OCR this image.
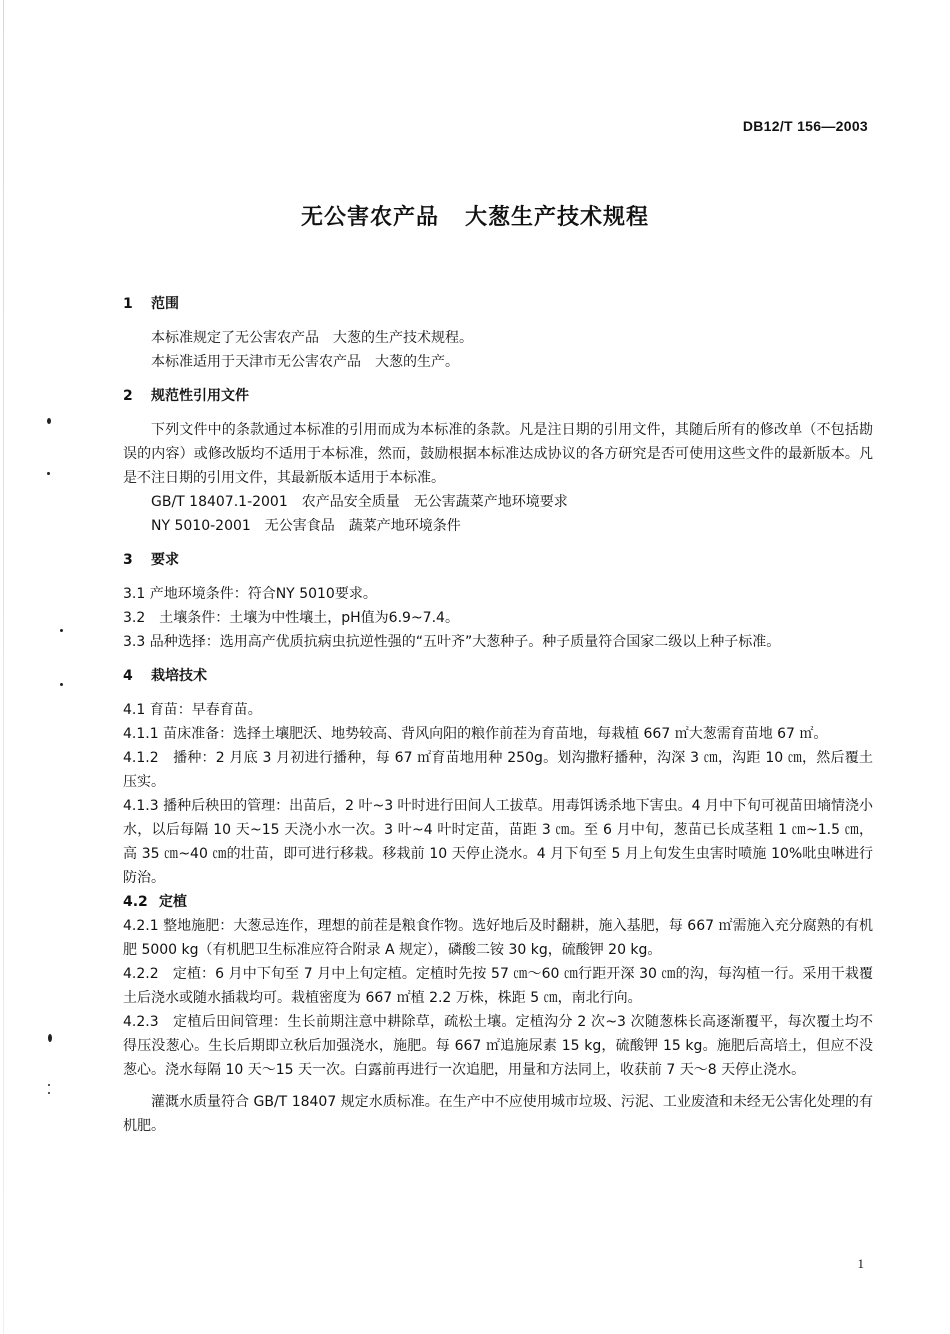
DB12/T 156—2003
无公害农产品 大葱生产技术规程
1 范围

本标准规定了无公害农产品　大葱的生产技术规程。

本标准适用于天津市无公害农产品　大葱的生产。

2 规范性引用文件

下列文件中的条款通过本标准的引用而成为本标准的条款。凡是注日期的引用文件，其随后所有的修改单（不包括勘误的内容）或修改版均不适用于本标准，然而，鼓励根据本标准达成协议的各方研究是否可使用这些文件的最新版本。凡是不注日期的引用文件，其最新版本适用于本标准。

GB/T 18407.1-2001　农产品安全质量　无公害蔬菜产地环境要求

NY 5010-2001　无公害食品　蔬菜产地环境条件

3 要求

3.1 产地环境条件：符合NY 5010要求。

3.2　土壤条件：土壤为中性壤土，pH值为6.9~7.4。

3.3 品种选择：选用高产优质抗病虫抗逆性强的“五叶齐”大葱种子。种子质量符合国家二级以上种子标准。

4 栽培技术

4.1 育苗：早春育苗。

4.1.1 苗床准备：选择土壤肥沃、地势较高、背风向阳的粮作前茬为育苗地，每栽植 667 ㎡大葱需育苗地 67 ㎡。

4.1.2　播种：2 月底 3 月初进行播种，每 67 ㎡育苗地用种 250g。划沟撒籽播种，沟深 3 ㎝，沟距 10 ㎝，然后覆土压实。

4.1.3 播种后秧田的管理：出苗后，2 叶~3 叶时进行田间人工拔草。用毒饵诱杀地下害虫。4 月中下旬可视苗田墒情浇小水，以后每隔 10 天~15 天浇小水一次。3 叶~4 叶时定苗，苗距 3 ㎝。至 6 月中旬，葱苗已长成茎粗 1 ㎝~1.5 ㎝，高 35 ㎝~40 ㎝的壮苗，即可进行移栽。移栽前 10 天停止浇水。4 月下旬至 5 月上旬发生虫害时喷施 10%吡虫啉进行防治。

4.2 定植

4.2.1 整地施肥：大葱忌连作，理想的前茬是粮食作物。选好地后及时翻耕，施入基肥，每 667 ㎡需施入充分腐熟的有机肥 5000 kg（有机肥卫生标准应符合附录 A 规定），磷酸二铵 30 kg，硫酸钾 20 kg。

4.2.2　定植：6 月中下旬至 7 月中上旬定植。定植时先按 57 ㎝～60 ㎝行距开深 30 ㎝的沟，每沟植一行。采用干栽覆土后浇水或随水插栽均可。栽植密度为 667 ㎡植 2.2 万株，株距 5 ㎝，南北行向。

4.2.3　定植后田间管理：生长前期注意中耕除草，疏松土壤。定植沟分 2 次~3 次随葱株长高逐渐覆平，每次覆土均不得压没葱心。生长后期即立秋后加强浇水，施肥。每 667 ㎡追施尿素 15 kg，硫酸钾 15 kg。施肥后高培土，但应不没葱心。浇水每隔 10 天～15 天一次。白露前再进行一次追肥，用量和方法同上，收获前 7 天～8 天停止浇水。

灌溉水质量符合 GB/T 18407 规定水质标准。在生产中不应使用城市垃圾、污泥、工业废渣和未经无公害化处理的有机肥。

1
